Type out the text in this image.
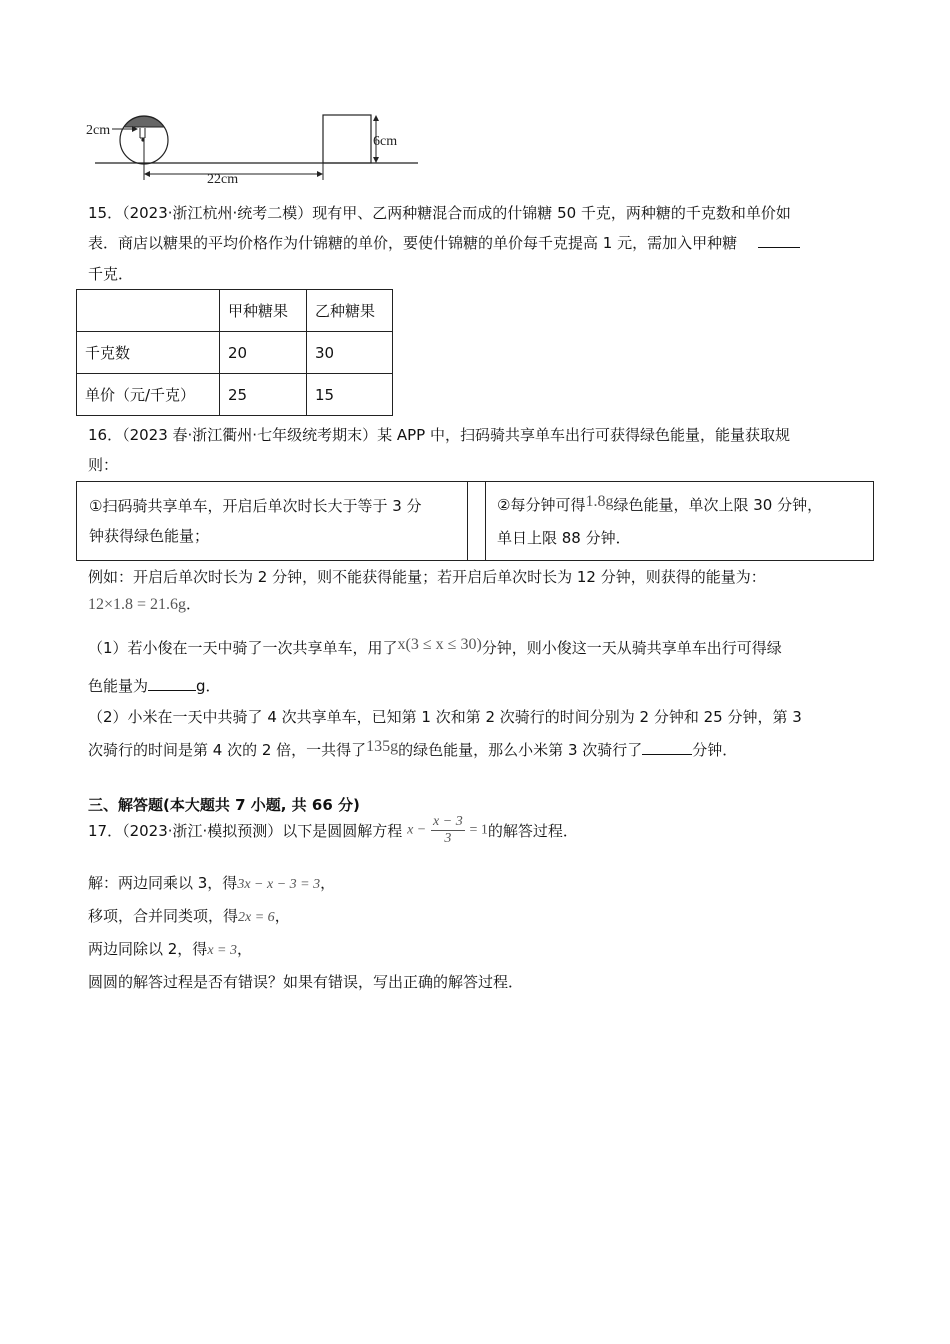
2cm
22cm
6cm
15．（2023·浙江杭州·统考二模）现有甲、乙两种糖混合而成的什锦糖 50 千克，两种糖的千克数和单价如
表．商店以糖果的平均价格作为什锦糖的单价，要使什锦糖的单价每千克提高 1 元，需加入甲种糖
千克．
	甲种糖果	乙种糖果
千克数	20	30
单价（元/千克）	25	15
16．（2023 春·浙江衢州·七年级统考期末）某 APP 中，扫码骑共享单车出行可获得绿色能量，能量获取规
则：
①扫码骑共享单车，开启后单次时长大于等于 3 分
钟获得绿色能量；
②每分钟可得1.8g绿色能量，单次上限 30 分钟，
单日上限 88 分钟．
例如：开启后单次时长为 2 分钟，则不能获得能量；若开启后单次时长为 12 分钟，则获得的能量为：
12×1.8 = 21.6g．
（1）若小俊在一天中骑了一次共享单车，用了x(3 ≤ x ≤ 30)分钟，则小俊这一天从骑共享单车出行可得绿
色能量为	g．
（2）小米在一天中共骑了 4 次共享单车，已知第 1 次和第 2 次骑行的时间分别为 2 分钟和 25 分钟，第 3
次骑行的时间是第 4 次的 2 倍，一共得了135g的绿色能量，那么小米第 3 次骑行了	分钟．
三、解答题(本大题共 7 小题, 共 66 分)
17．（2023·浙江·模拟预测）以下是圆圆解方程 $x - \frac{x - 3}{3} = 1$的解答过程．
解：两边同乘以 3，得3x − x − 3 = 3，
移项，合并同类项，得2x = 6，
两边同除以 2，得x = 3，
圆圆的解答过程是否有错误？如果有错误，写出正确的解答过程．
